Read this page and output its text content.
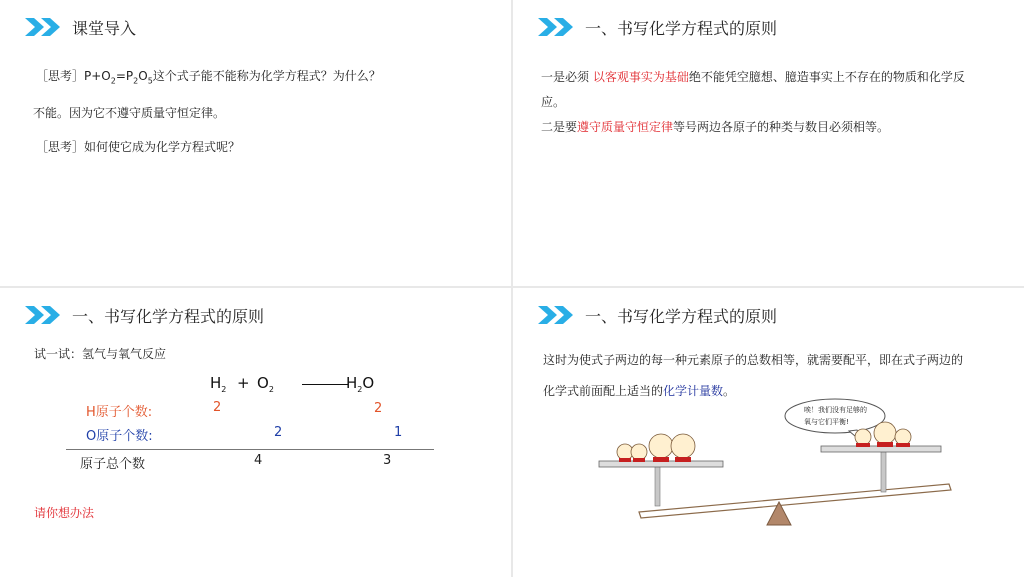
课堂导入
［思考$]P+O_2=P_2O_5$这个式子能不能称为化学方程式？为什么？
不能。因为它不遵守质量守恒定律。
［思考］如何使它成为化学方程式呢？
一、书写化学方程式的原则
一是必须 以客观事实为基础绝不能凭空臆想、臆造事实上不存在的物质和化学反
应。
二是要遵守质量守恒定律等号两边各原子的种类与数目必须相等。
一、书写化学方程式的原则
试一试：氢气与氧气反应
$H_2 + O_2$	$H_2O$
H原子个数:	2	2
O原子个数:	2	1
原子总个数	4	3
请你想办法
一、书写化学方程式的原则
这时为使式子两边的每一种元素原子的总数相等，就需要配平，即在式子两边的
化学式前面配上适当的化学计量数。
唉！我们没有足够的
氧与它们平衡!
